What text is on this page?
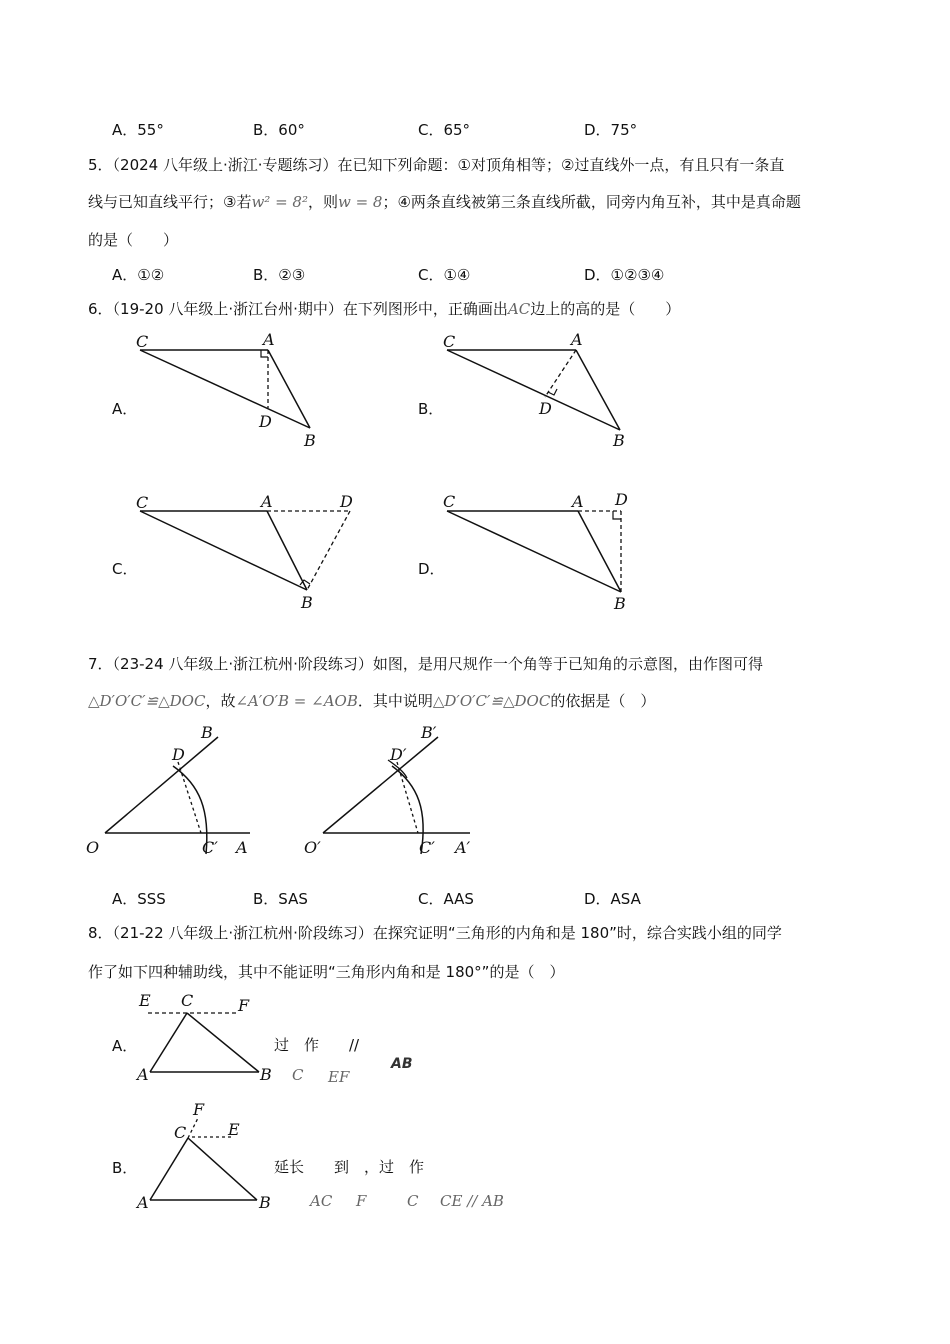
A．55°	B．60°	C．65°	D．75°
5．（2024 八年级上·浙江·专题练习）在已知下列命题：①对顶角相等；②过直线外一点，有且只有一条直
线与已知直线平行；③若w² = 8²，则w = 8；④两条直线被第三条直线所截，同旁内角互补，其中是真命题
的是（　　）
A．①②	B．②③	C．①④	D．①②③④
6．（19-20 八年级上·浙江台州·期中）在下列图形中，正确画出AC边上的高的是（　　）
A．
C	A
D
B
B．
C	A
D
B
C．
C	A	D
B
D．
C	A D
B
7．（23-24 八年级上·浙江杭州·阶段练习）如图，是用尺规作一个角等于已知角的示意图，由作图可得
△D′O′C′≌△DOC，故∠A′O′B = ∠AOB．其中说明△D′O′C′≌△DOC的依据是（　）
O	A
B
D
C′	O′	A′
B′
D′
C′
A．SSS	B．SAS	C．AAS	D．ASA
8．（21-22 八年级上·浙江杭州·阶段练习）在探究证明“三角形的内角和是 180”时，综合实践小组的同学
作了如下四种辅助线，其中不能证明“三角形内角和是 180°”的是（　）
A．
E C	F
A	B
过　作　　//
C EF
AB
B．
F
C	E
A	B
延长　　到　，过　作
AC F	C CE // AB
